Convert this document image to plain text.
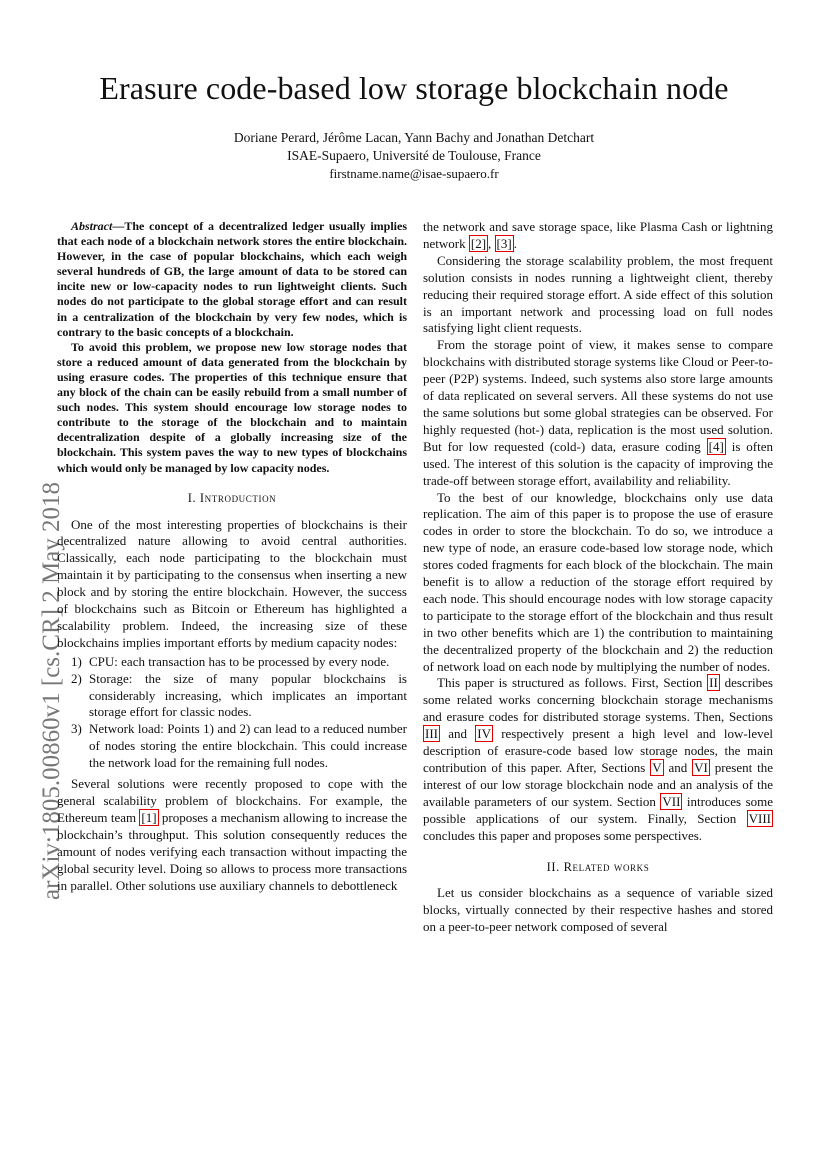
Erasure code-based low storage blockchain node
Doriane Perard, Jérôme Lacan, Yann Bachy and Jonathan Detchart
ISAE-Supaero, Université de Toulouse, France
firstname.name@isae-supaero.fr
arXiv:1805.00860v1 [cs.CR] 2 May 2018

Abstract—The concept of a decentralized ledger usually implies that each node of a blockchain network stores the entire blockchain. However, in the case of popular blockchains, which each weigh several hundreds of GB, the large amount of data to be stored can incite new or low-capacity nodes to run lightweight clients. Such nodes do not participate to the global storage effort and can result in a centralization of the blockchain by very few nodes, which is contrary to the basic concepts of a blockchain.

To avoid this problem, we propose new low storage nodes that store a reduced amount of data generated from the blockchain by using erasure codes. The properties of this technique ensure that any block of the chain can be easily rebuild from a small number of such nodes. This system should encourage low storage nodes to contribute to the storage of the blockchain and to maintain decentralization despite of a globally increasing size of the blockchain. This system paves the way to new types of blockchains which would only be managed by low capacity nodes.

I. Introduction

One of the most interesting properties of blockchains is their decentralized nature allowing to avoid central authorities. Classically, each node participating to the blockchain must maintain it by participating to the consensus when inserting a new block and by storing the entire blockchain. However, the success of blockchains such as Bitcoin or Ethereum has highlighted a scalability problem. Indeed, the increasing size of these blockchains implies important efforts by medium capacity nodes:

1) CPU: each transaction has to be processed by every node.
2) Storage: the size of many popular blockchains is considerably increasing, which implicates an important storage effort for classic nodes.
3) Network load: Points 1) and 2) can lead to a reduced number of nodes storing the entire blockchain. This could increase the network load for the remaining full nodes.

Several solutions were recently proposed to cope with the general scalability problem of blockchains. For example, the Ethereum team [1] proposes a mechanism allowing to increase the blockchain’s throughput. This solution consequently reduces the amount of nodes verifying each transaction without impacting the global security level. Doing so allows to process more transactions in parallel. Other solutions use auxiliary channels to debottleneck

the network and save storage space, like Plasma Cash or lightning network [2] , [3] .

Considering the storage scalability problem, the most frequent solution consists in nodes running a lightweight client, thereby reducing their required storage effort. A side effect of this solution is an important network and processing load on full nodes satisfying light client requests.

From the storage point of view, it makes sense to compare blockchains with distributed storage systems like Cloud or Peer-to-peer (P2P) systems. Indeed, such systems also store large amounts of data replicated on several servers. All these systems do not use the same solutions but some global strategies can be observed. For highly requested (hot-) data, replication is the most used solution. But for low requested (cold-) data, erasure coding [4] is often used. The interest of this solution is the capacity of improving the trade-off between storage effort, availability and reliability.

To the best of our knowledge, blockchains only use data replication. The aim of this paper is to propose the use of erasure codes in order to store the blockchain. To do so, we introduce a new type of node, an erasure code-based low storage node, which stores coded fragments for each block of the blockchain. The main benefit is to allow a reduction of the storage effort required by each node. This should encourage nodes with low storage capacity to participate to the storage effort of the blockchain and thus result in two other benefits which are 1) the contribution to maintaining the decentralized property of the blockchain and 2) the reduction of network load on each node by multiplying the number of nodes.

This paper is structured as follows. First, Section II describes some related works concerning blockchain storage mechanisms and erasure codes for distributed storage systems. Then, Sections III and IV respectively present a high level and low-level description of erasure-code based low storage nodes, the main contribution of this paper. After, Sections V and VI present the interest of our low storage blockchain node and an analysis of the available parameters of our system. Section VII introduces some possible applications of our system. Finally, Section VIII concludes this paper and proposes some perspectives.

II. Related works

Let us consider blockchains as a sequence of variable sized blocks, virtually connected by their respective hashes and stored on a peer-to-peer network composed of several
